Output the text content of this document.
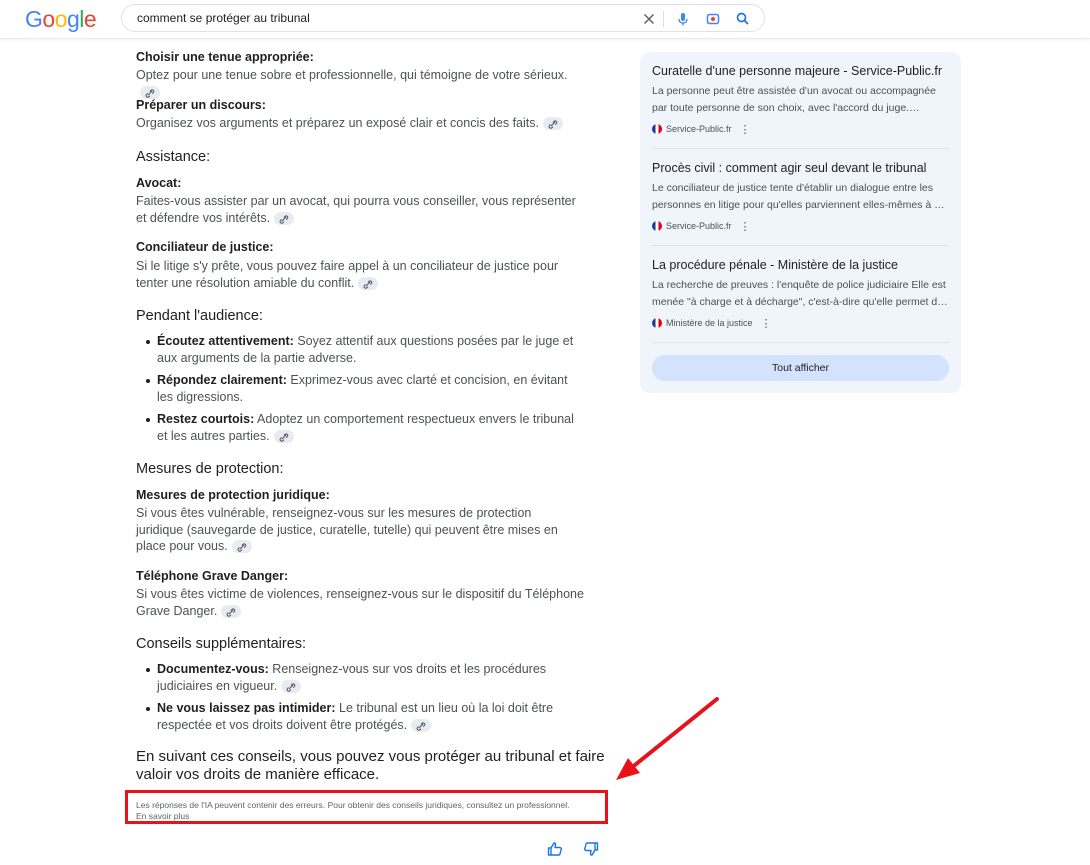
Google
comment se protéger au tribunal
Choisir une tenue appropriée:
Optez pour une tenue sobre et professionnelle, qui témoigne de votre sérieux.
Préparer un discours:
Organisez vos arguments et préparez un exposé clair et concis des faits.
Assistance:
Avocat:
Faites-vous assister par un avocat, qui pourra vous conseiller, vous représenter et défendre vos intérêts.
Conciliateur de justice:
Si le litige s'y prête, vous pouvez faire appel à un conciliateur de justice pour tenter une résolution amiable du conflit.
Pendant l'audience:
Écoutez attentivement: Soyez attentif aux questions posées par le juge et aux arguments de la partie adverse.
Répondez clairement: Exprimez-vous avec clarté et concision, en évitant les digressions.
Restez courtois: Adoptez un comportement respectueux envers le tribunal et les autres parties.
Mesures de protection:
Mesures de protection juridique:
Si vous êtes vulnérable, renseignez-vous sur les mesures de protection juridique (sauvegarde de justice, curatelle, tutelle) qui peuvent être mises en place pour vous.
Téléphone Grave Danger:
Si vous êtes victime de violences, renseignez-vous sur le dispositif du Téléphone Grave Danger.
Conseils supplémentaires:
Documentez-vous: Renseignez-vous sur vos droits et les procédures judiciaires en vigueur.
Ne vous laissez pas intimider: Le tribunal est un lieu où la loi doit être respectée et vos droits doivent être protégés.
En suivant ces conseils, vous pouvez vous protéger au tribunal et faire valoir vos droits de manière efficace.
Les réponses de l'IA peuvent contenir des erreurs. Pour obtenir des conseils juridiques, consultez un professionnel.
En savoir plus
Curatelle d'une personne majeure - Service-Public.fr
La personne peut être assistée d'un avocat ou accompagnée par toute personne de son choix, avec l'accord du juge.…
Service-Public.fr ⋮
Procès civil : comment agir seul devant le tribunal
Le conciliateur de justice tente d'établir un dialogue entre les personnes en litige pour qu'elles parviennent elles-mêmes à …
Service-Public.fr ⋮
La procédure pénale - Ministère de la justice
La recherche de preuves : l'enquête de police judiciaire Elle est menée "à charge et à décharge", c'est-à-dire qu'elle permet d…
Ministère de la justice ⋮
Tout afficher
